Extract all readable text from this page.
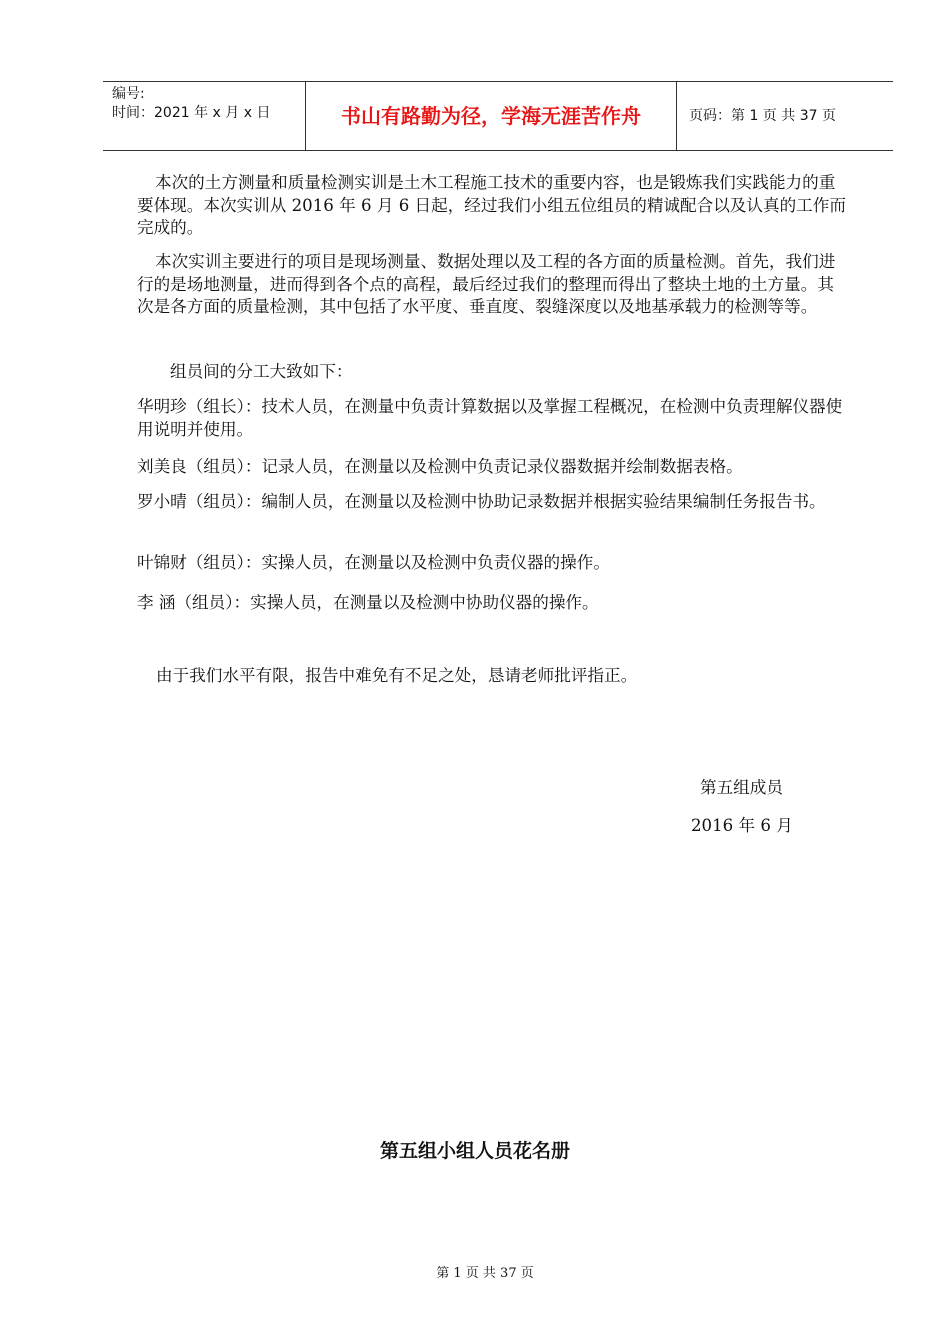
编号:
时间：2021 年 x 月 x 日	书山有路勤为径，学海无涯苦作舟	页码：第 1 页 共 37 页
本次的土方测量和质量检测实训是土木工程施工技术的重要内容，也是锻炼我们实践能力的重要体现。本次实训从 2016 年 6 月 6 日起，经过我们小组五位组员的精诚配合以及认真的工作而完成的。
本次实训主要进行的项目是现场测量、数据处理以及工程的各方面的质量检测。首先，我们进行的是场地测量，进而得到各个点的高程，最后经过我们的整理而得出了整块土地的土方量。其次是各方面的质量检测，其中包括了水平度、垂直度、裂缝深度以及地基承载力的检测等等。
组员间的分工大致如下：
华明珍（组长）：技术人员，在测量中负责计算数据以及掌握工程概况，在检测中负责理解仪器使用说明并使用。
刘美良（组员）：记录人员，在测量以及检测中负责记录仪器数据并绘制数据表格。
罗小晴（组员）：编制人员，在测量以及检测中协助记录数据并根据实验结果编制任务报告书。
叶锦财（组员）：实操人员，在测量以及检测中负责仪器的操作。
李 涵（组员）：实操人员，在测量以及检测中协助仪器的操作。
由于我们水平有限，报告中难免有不足之处，恳请老师批评指正。
第五组成员
2016 年 6 月
第五组小组人员花名册
第 1 页 共 37 页
